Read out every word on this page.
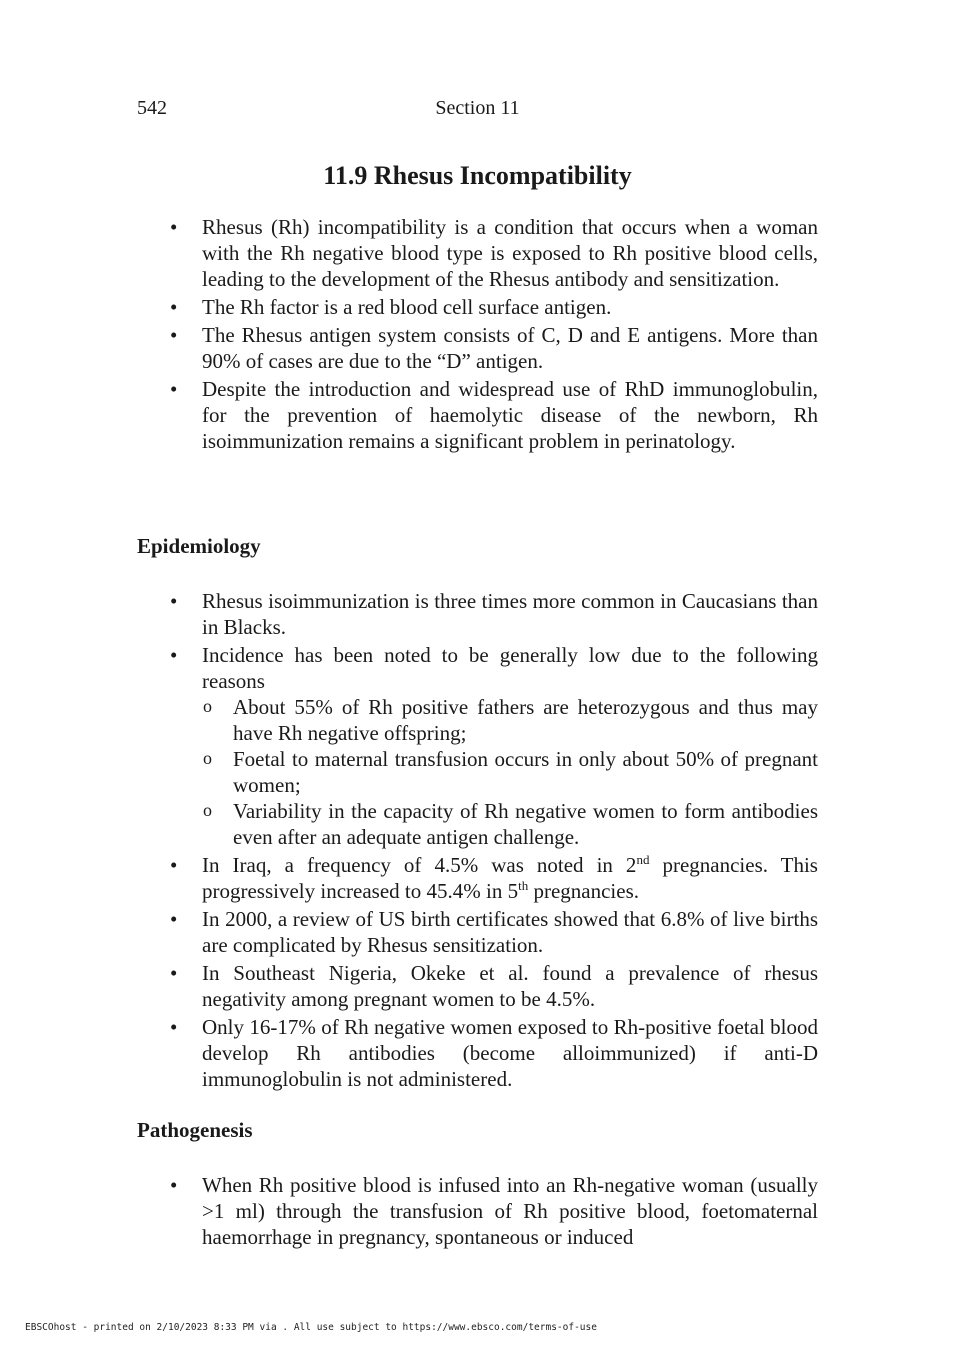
542	Section 11
11.9 Rhesus Incompatibility
• Rhesus (Rh) incompatibility is a condition that occurs when a woman with the Rh negative blood type is exposed to Rh positive blood cells, leading to the development of the Rhesus antibody and sensitization.
• The Rh factor is a red blood cell surface antigen.
• The Rhesus antigen system consists of C, D and E antigens. More than 90% of cases are due to the “D” antigen.
• Despite the introduction and widespread use of RhD immunoglobulin, for the prevention of haemolytic disease of the newborn, Rh isoimmunization remains a significant problem in perinatology.
Epidemiology
• Rhesus isoimmunization is three times more common in Caucasians than in Blacks.
• Incidence has been noted to be generally low due to the following reasons
o About 55% of Rh positive fathers are heterozygous and thus may have Rh negative offspring;
o Foetal to maternal transfusion occurs in only about 50% of pregnant women;
o Variability in the capacity of Rh negative women to form antibodies even after an adequate antigen challenge.
• In Iraq, a frequency of 4.5% was noted in 2nd pregnancies. This progressively increased to 45.4% in 5th pregnancies.
• In 2000, a review of US birth certificates showed that 6.8% of live births are complicated by Rhesus sensitization.
• In Southeast Nigeria, Okeke et al. found a prevalence of rhesus negativity among pregnant women to be 4.5%.
• Only 16-17% of Rh negative women exposed to Rh-positive foetal blood develop Rh antibodies (become alloimmunized) if anti-D immunoglobulin is not administered.
Pathogenesis
• When Rh positive blood is infused into an Rh-negative woman (usually >1 ml) through the transfusion of Rh positive blood, foetomaternal haemorrhage in pregnancy, spontaneous or induced
EBSCOhost - printed on 2/10/2023 8:33 PM via . All use subject to https://www.ebsco.com/terms-of-use
